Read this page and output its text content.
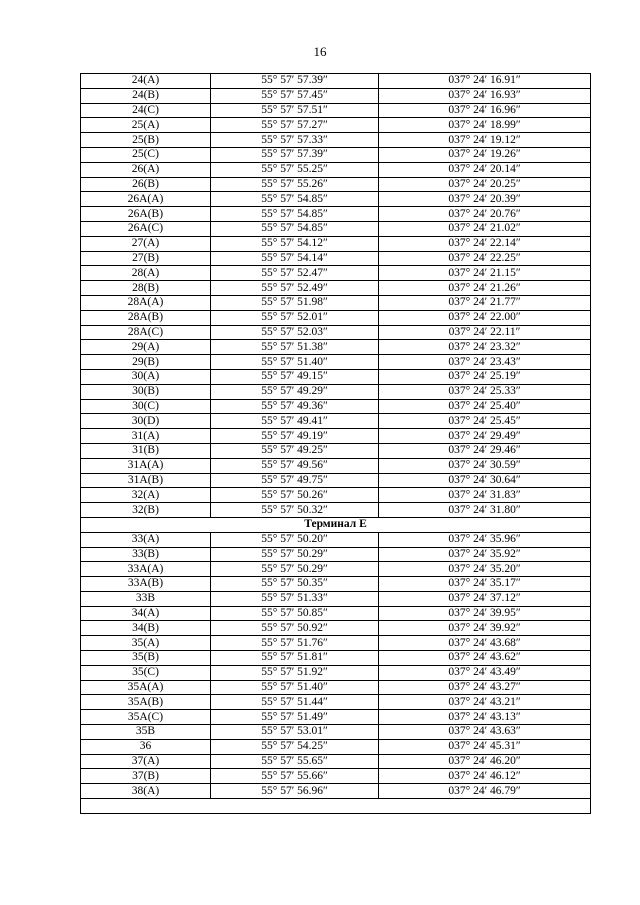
16
24(A)	55° 57′ 57.39″	037° 24′ 16.91″
24(B)	55° 57′ 57.45″	037° 24′ 16.93″
24(C)	55° 57′ 57.51″	037° 24′ 16.96″
25(A)	55° 57′ 57.27″	037° 24′ 18.99″
25(B)	55° 57′ 57.33″	037° 24′ 19.12″
25(C)	55° 57′ 57.39″	037° 24′ 19.26″
26(A)	55° 57′ 55.25″	037° 24′ 20.14″
26(B)	55° 57′ 55.26″	037° 24′ 20.25″
26A(A)	55° 57′ 54.85″	037° 24′ 20.39″
26A(B)	55° 57′ 54.85″	037° 24′ 20.76″
26A(C)	55° 57′ 54.85″	037° 24′ 21.02″
27(A)	55° 57′ 54.12″	037° 24′ 22.14″
27(B)	55° 57′ 54.14″	037° 24′ 22.25″
28(A)	55° 57′ 52.47″	037° 24′ 21.15″
28(B)	55° 57′ 52.49″	037° 24′ 21.26″
28A(A)	55° 57′ 51.98″	037° 24′ 21.77″
28A(B)	55° 57′ 52.01″	037° 24′ 22.00″
28A(C)	55° 57′ 52.03″	037° 24′ 22.11″
29(A)	55° 57′ 51.38″	037° 24′ 23.32″
29(B)	55° 57′ 51.40″	037° 24′ 23.43″
30(A)	55° 57′ 49.15″	037° 24′ 25.19″
30(B)	55° 57′ 49.29″	037° 24′ 25.33″
30(C)	55° 57′ 49.36″	037° 24′ 25.40″
30(D)	55° 57′ 49.41″	037° 24′ 25.45″
31(A)	55° 57′ 49.19″	037° 24′ 29.49″
31(B)	55° 57′ 49.25″	037° 24′ 29.46″
31A(A)	55° 57′ 49.56″	037° 24′ 30.59″
31A(B)	55° 57′ 49.75″	037° 24′ 30.64″
32(A)	55° 57′ 50.26″	037° 24′ 31.83″
32(B)	55° 57′ 50.32″	037° 24′ 31.80″
Терминал E		
33(A)	55° 57′ 50.20″	037° 24′ 35.96″
33(B)	55° 57′ 50.29″	037° 24′ 35.92″
33A(A)	55° 57′ 50.29″	037° 24′ 35.20″
33A(B)	55° 57′ 50.35″	037° 24′ 35.17″
33B	55° 57′ 51.33″	037° 24′ 37.12″
34(A)	55° 57′ 50.85″	037° 24′ 39.95″
34(B)	55° 57′ 50.92″	037° 24′ 39.92″
35(A)	55° 57′ 51.76″	037° 24′ 43.68″
35(B)	55° 57′ 51.81″	037° 24′ 43.62″
35(C)	55° 57′ 51.92″	037° 24′ 43.49″
35A(A)	55° 57′ 51.40″	037° 24′ 43.27″
35A(B)	55° 57′ 51.44″	037° 24′ 43.21″
35A(C)	55° 57′ 51.49″	037° 24′ 43.13″
35B	55° 57′ 53.01″	037° 24′ 43.63″
36	55° 57′ 54.25″	037° 24′ 45.31″
37(A)	55° 57′ 55.65″	037° 24′ 46.20″
37(B)	55° 57′ 55.66″	037° 24′ 46.12″
38(A)	55° 57′ 56.96″	037° 24′ 46.79″
